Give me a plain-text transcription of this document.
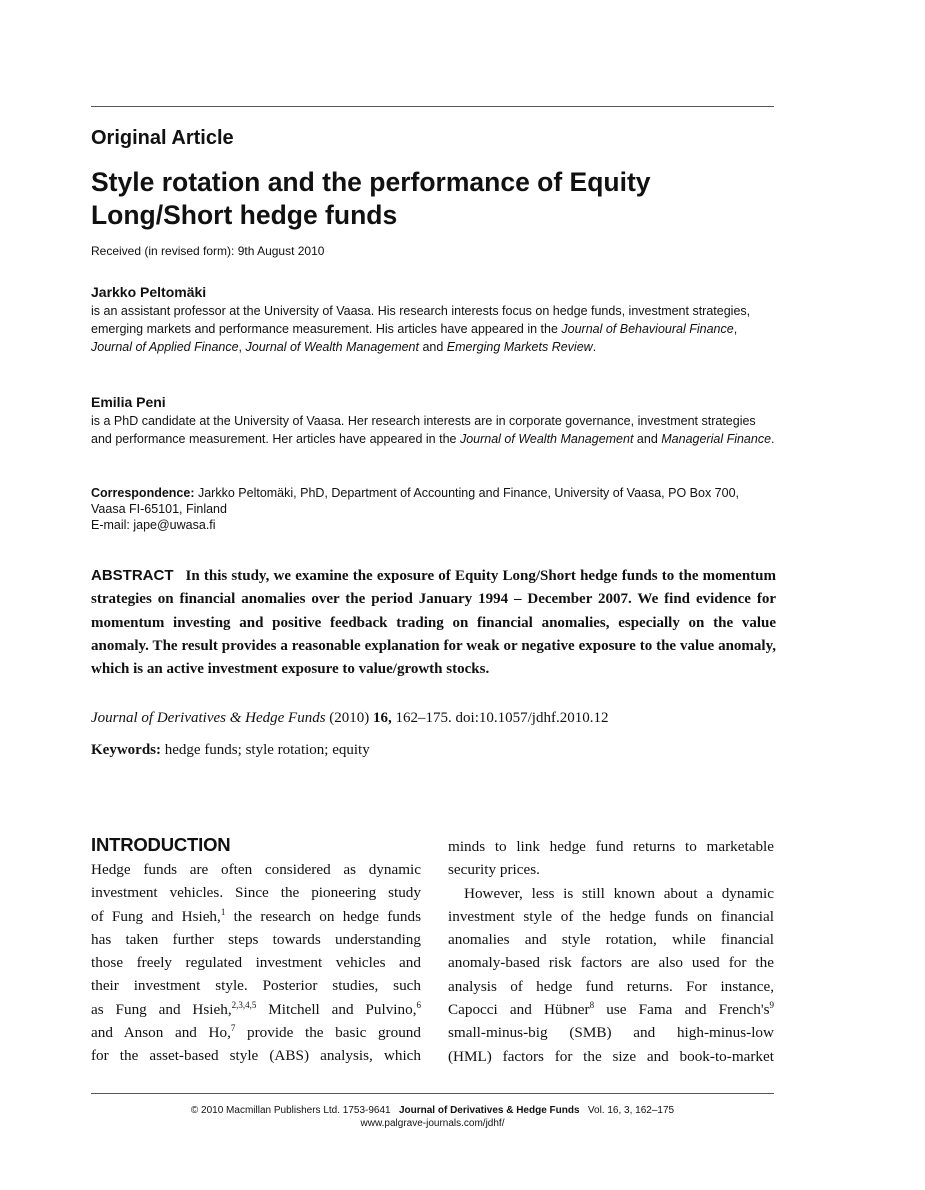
Original Article
Style rotation and the performance of Equity Long/Short hedge funds
Received (in revised form): 9th August 2010
Jarkko Peltomäki
is an assistant professor at the University of Vaasa. His research interests focus on hedge funds, investment strategies, emerging markets and performance measurement. His articles have appeared in the Journal of Behavioural Finance, Journal of Applied Finance, Journal of Wealth Management and Emerging Markets Review.
Emilia Peni
is a PhD candidate at the University of Vaasa. Her research interests are in corporate governance, investment strategies and performance measurement. Her articles have appeared in the Journal of Wealth Management and Managerial Finance.
Correspondence: Jarkko Peltomäki, PhD, Department of Accounting and Finance, University of Vaasa, PO Box 700, Vaasa FI-65101, Finland
E-mail: jape@uwasa.fi
ABSTRACT In this study, we examine the exposure of Equity Long/Short hedge funds to the momentum strategies on financial anomalies over the period January 1994 – December 2007. We find evidence for momentum investing and positive feedback trading on financial anomalies, especially on the value anomaly. The result provides a reasonable explanation for weak or negative exposure to the value anomaly, which is an active investment exposure to value/growth stocks.
Journal of Derivatives & Hedge Funds (2010) 16, 162–175. doi:10.1057/jdhf.2010.12
Keywords: hedge funds; style rotation; equity
INTRODUCTION
Hedge funds are often considered as dynamic
investment vehicles. Since the pioneering study
of Fung and Hsieh,$^1$ the research on hedge funds
has taken further steps towards understanding
those freely regulated investment vehicles and
their investment style. Posterior studies, such
as Fung and Hsieh,$^{2,3,4,5}$ Mitchell and Pulvino,$^6$
and Anson and Ho,$^7$ provide the basic ground
for the asset-based style (ABS) analysis, which
minds to link hedge fund returns to marketable
security prices.
However, less is still known about a dynamic
investment style of the hedge funds on financial
anomalies and style rotation, while financial
anomaly-based risk factors are also used for the
analysis of hedge fund returns. For instance,
Capocci and Hübner$^8$ use Fama and $French's^9$
small-minus-big (SMB) and high-minus-low
(HML) factors for the size and book-to-market
© 2010 Macmillan Publishers Ltd. 1753-9641 Journal of Derivatives & Hedge Funds Vol. 16, 3, 162–175
www.palgrave-journals.com/jdhf/
